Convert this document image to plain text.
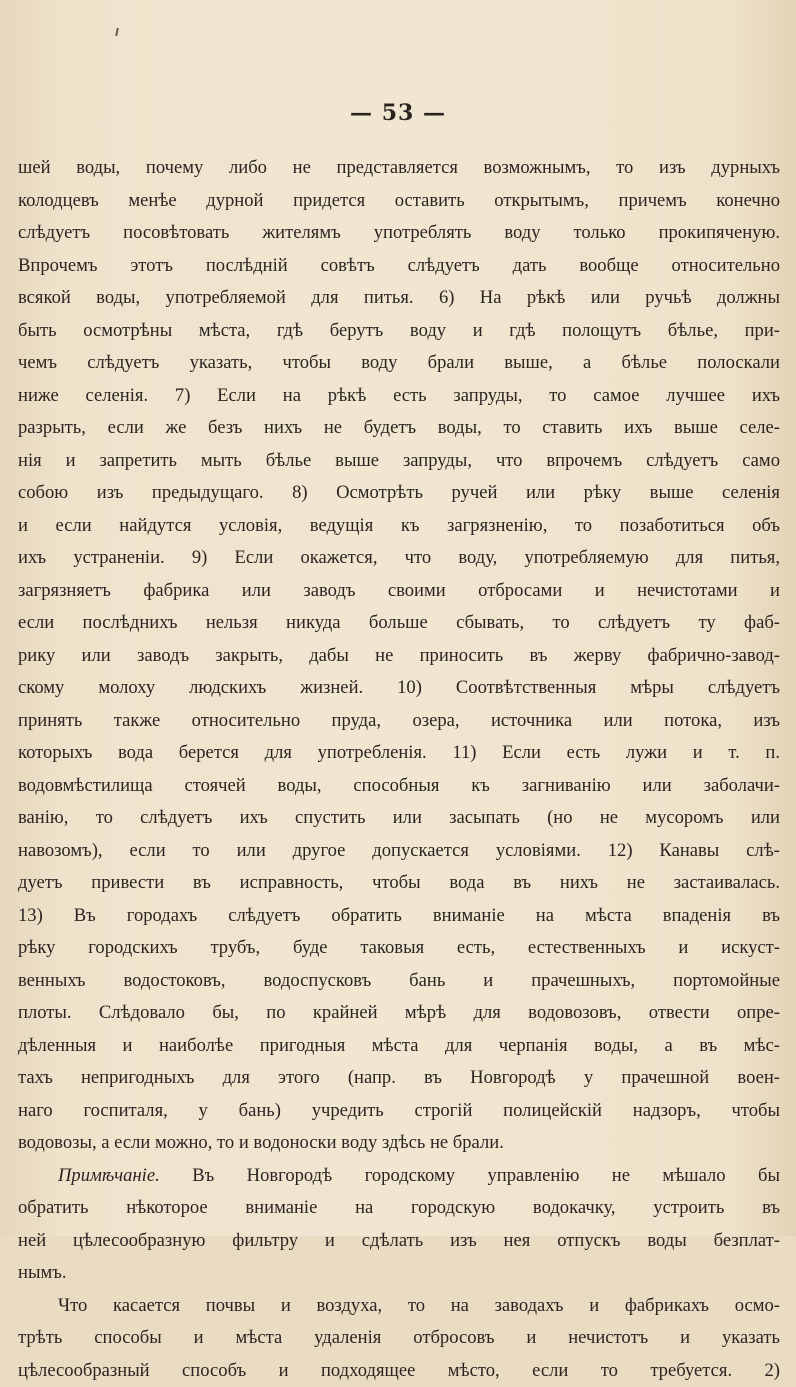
— 53 —
шей воды, почему либо не представляется возможнымъ, то изъ дурныхъ
колодцевъ менѣе дурной придется оставить открытымъ, причемъ конечно
слѣдуетъ посовѣтовать жителямъ употреблять воду только прокипяченую.
Впрочемъ этотъ послѣдній совѣтъ слѣдуетъ дать вообще относительно
всякой воды, употребляемой для питья. 6) На рѣкѣ или ручьѣ должны
быть осмотрѣны мѣста, гдѣ берутъ воду и гдѣ полощутъ бѣлье, при-
чемъ слѣдуетъ указать, чтобы воду брали выше, а бѣлье полоскали
ниже селенія. 7) Если на рѣкѣ есть запруды, то самое лучшее ихъ
разрыть, если же безъ нихъ не будетъ воды, то ставить ихъ выше селе-
нія и запретить мыть бѣлье выше запруды, что впрочемъ слѣдуетъ само
собою изъ предыдущаго. 8) Осмотрѣть ручей или рѣку выше селенія
и если найдутся условія, ведущія къ загрязненію, то позаботиться объ
ихъ устраненіи. 9) Если окажется, что воду, употребляемую для питья,
загрязняетъ фабрика или заводъ своими отбросами и нечистотами и
если послѣднихъ нельзя никуда больше сбывать, то слѣдуетъ ту фаб-
рику или заводъ закрыть, дабы не приносить въ жерву фабрично-завод-
скому молоху людскихъ жизней. 10) Соотвѣтственныя мѣры слѣдуетъ
принять также относительно пруда, озера, источника или потока, изъ
которыхъ вода берется для употребленія. 11) Если есть лужи и т. п.
водовмѣстилища стоячей воды, способныя къ загниванію или заболачи-
ванію, то слѣдуетъ ихъ спустить или засыпать (но не мусоромъ или
навозомъ), если то или другое допускается условіями. 12) Канавы слѣ-
дуетъ привести въ исправность, чтобы вода въ нихъ не застаивалась.
13) Въ городахъ слѣдуетъ обратить вниманіе на мѣста впаденія въ
рѣку городскихъ трубъ, буде таковыя есть, естественныхъ и искуст-
венныхъ водостоковъ, водоспусковъ бань и прачешныхъ, портомойные
плоты. Слѣдовало бы, по крайней мѣрѣ для водовозовъ, отвести опре-
дѣленныя и наиболѣе пригодныя мѣста для черпанія воды, а въ мѣс-
тахъ непригодныхъ для этого (напр. въ Новгородѣ у прачешной воен-
наго госпиталя, у бань) учредить строгій полицейскій надзоръ, чтобы
водовозы, а если можно, то и водоноски воду здѣсь не брали.
Примѣчаніе. Въ Новгородѣ городскому управленію не мѣшало бы
обратить нѣкоторое вниманіе на городскую водокачку, устроить въ
ней цѣлесообразную фильтру и сдѣлать изъ нея отпускъ воды безплат-
нымъ.
Что касается почвы и воздуха, то на заводахъ и фабрикахъ осмо-
трѣть способы и мѣста удаленія отбросовъ и нечистотъ и указать
цѣлесообразный способъ и подходящее мѣсто, если то требуется. 2)
